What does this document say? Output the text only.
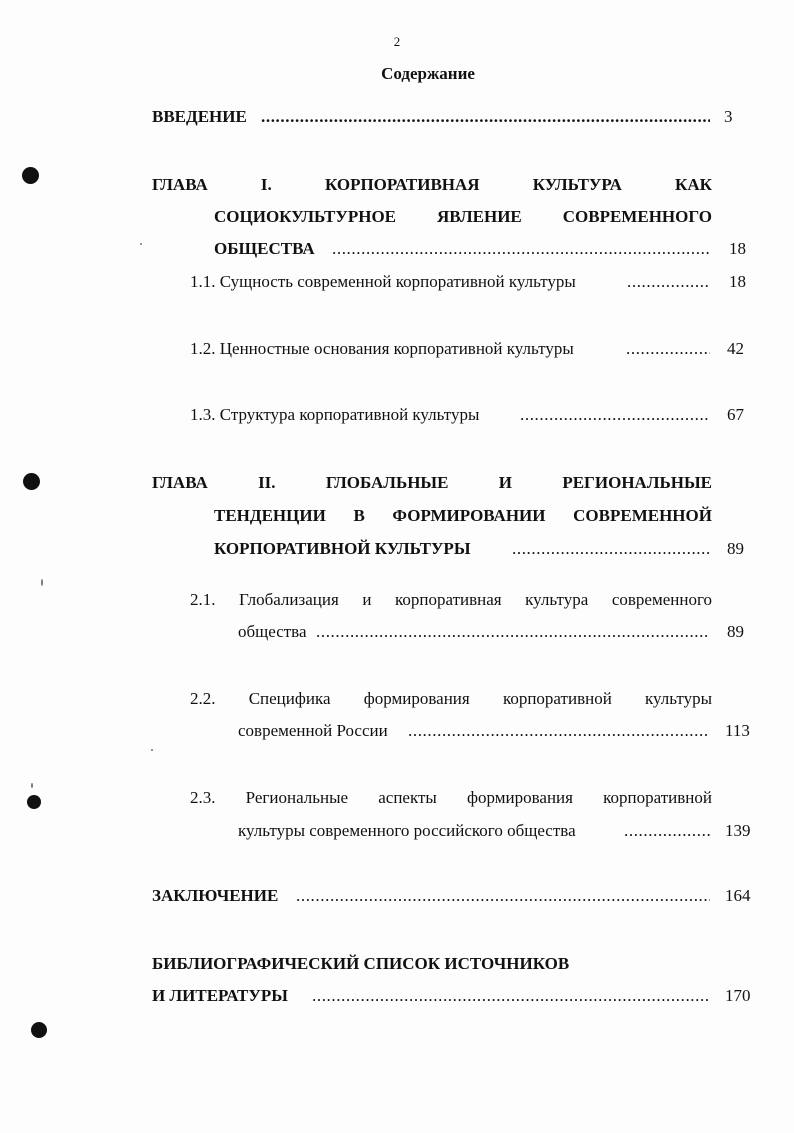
2
Содержание
ВВЕДЕНИЕ .....	3
ГЛАВА	I.	КОРПОРАТИВНАЯ	КУЛЬТУРА	КАК
СОЦИОКУЛЬТУРНОЕ ЯВЛЕНИЕ СОВРЕМЕННОГО
ОБЩЕСТВА .....	18
1.1. Сущность современной корпоративной культуры .....	18
1.2. Ценностные основания корпоративной культуры .....	42
1.3. Структура корпоративной культуры .....	67
ГЛАВА	II.	ГЛОБАЛЬНЫЕ	И	РЕГИОНАЛЬНЫЕ
ТЕНДЕНЦИИ В ФОРМИРОВАНИИ СОВРЕМЕННОЙ
КОРПОРАТИВНОЙ КУЛЬТУРЫ .....	89
2.1. Глобализация и корпоративная культура современного
общества .....	89
2.2. Специфика формирования корпоративной культуры
современной России .....	113
2.3. Региональные аспекты формирования корпоративной
культуры современного российского общества .....	139
ЗАКЛЮЧЕНИЕ .....	164
БИБЛИОГРАФИЧЕСКИЙ СПИСОК ИСТОЧНИКОВ
И ЛИТЕРАТУРЫ .....	170
